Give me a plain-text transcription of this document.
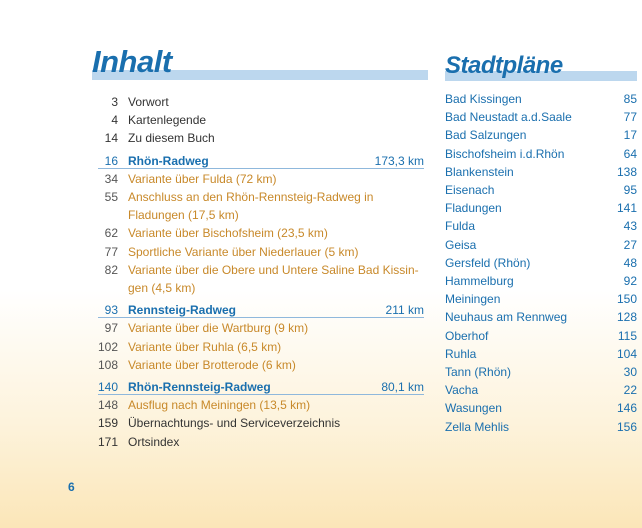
Inhalt	Stadtpläne
3 Vorwort
4 Kartenlegende
14 Zu diesem Buch
16 Rhön-Radweg	173,3 km
34 Variante über Fulda (72 km)
55 Anschluss an den Rhön-Rennsteig-Radweg in Fladungen (17,5 km)
62 Variante über Bischofsheim (23,5 km)
77 Sportliche Variante über Niederlauer (5 km)
82 Variante über die Obere und Untere Saline Bad Kissin-gen (4,5 km)
93 Rennsteig-Radweg	211 km
97 Variante über die Wartburg (9 km)
102 Variante über Ruhla (6,5 km)
108 Variante über Brotterode (6 km)
140 Rhön-Rennsteig-Radweg	80,1 km
148 Ausflug nach Meiningen (13,5 km)
159 Übernachtungs- und Serviceverzeichnis
171 Ortsindex
Bad Kissingen	85
Bad Neustadt a.d.Saale	77
Bad Salzungen	17
Bischofsheim i.d.Rhön	64
Blankenstein	138
Eisenach	95
Fladungen	141
Fulda	43
Geisa	27
Gersfeld (Rhön)	48
Hammelburg	92
Meiningen	150
Neuhaus am Rennweg	128
Oberhof	115
Ruhla	104
Tann (Rhön)	30
Vacha	22
Wasungen	146
Zella Mehlis	156
6
